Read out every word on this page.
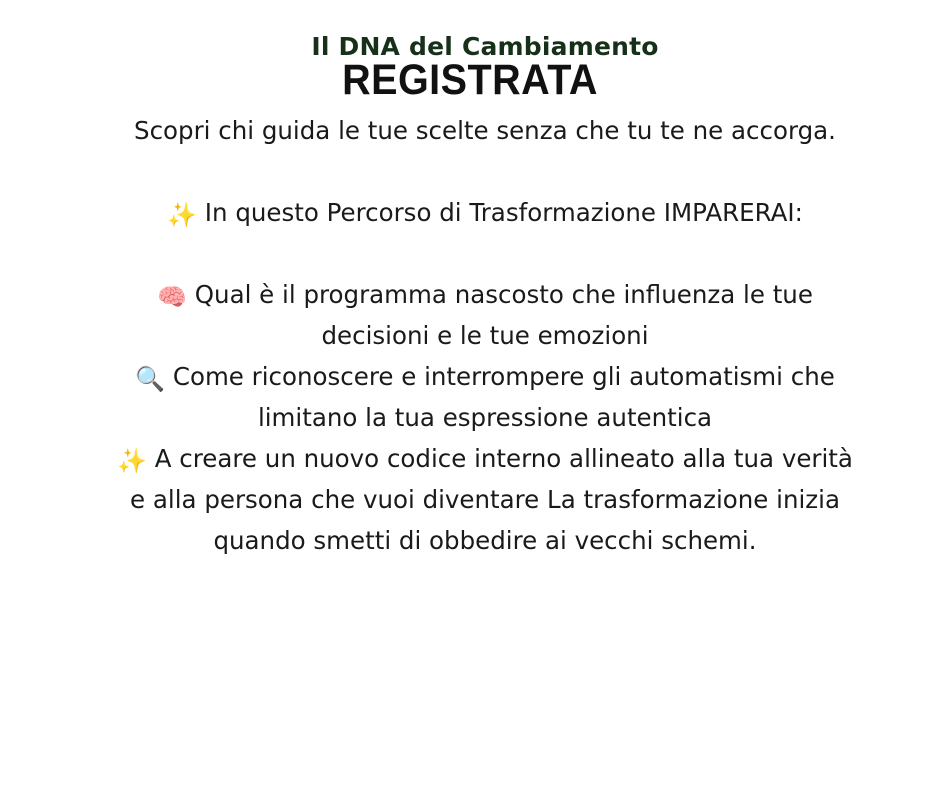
Il DNA del Cambiamento
REGISTRATA

Scopri chi guida le tue scelte senza che tu te ne accorga.

✨ In questo Percorso di Trasformazione IMPARERAI:

🧠 Qual è il programma nascosto che influenza le tue decisioni e le tue emozioni

🔍 Come riconoscere e interrompere gli automatismi che limitano la tua espressione autentica

✨ A creare un nuovo codice interno allineato alla tua verità e alla persona che vuoi diventare La trasformazione inizia quando smetti di obbedire ai vecchi schemi.
